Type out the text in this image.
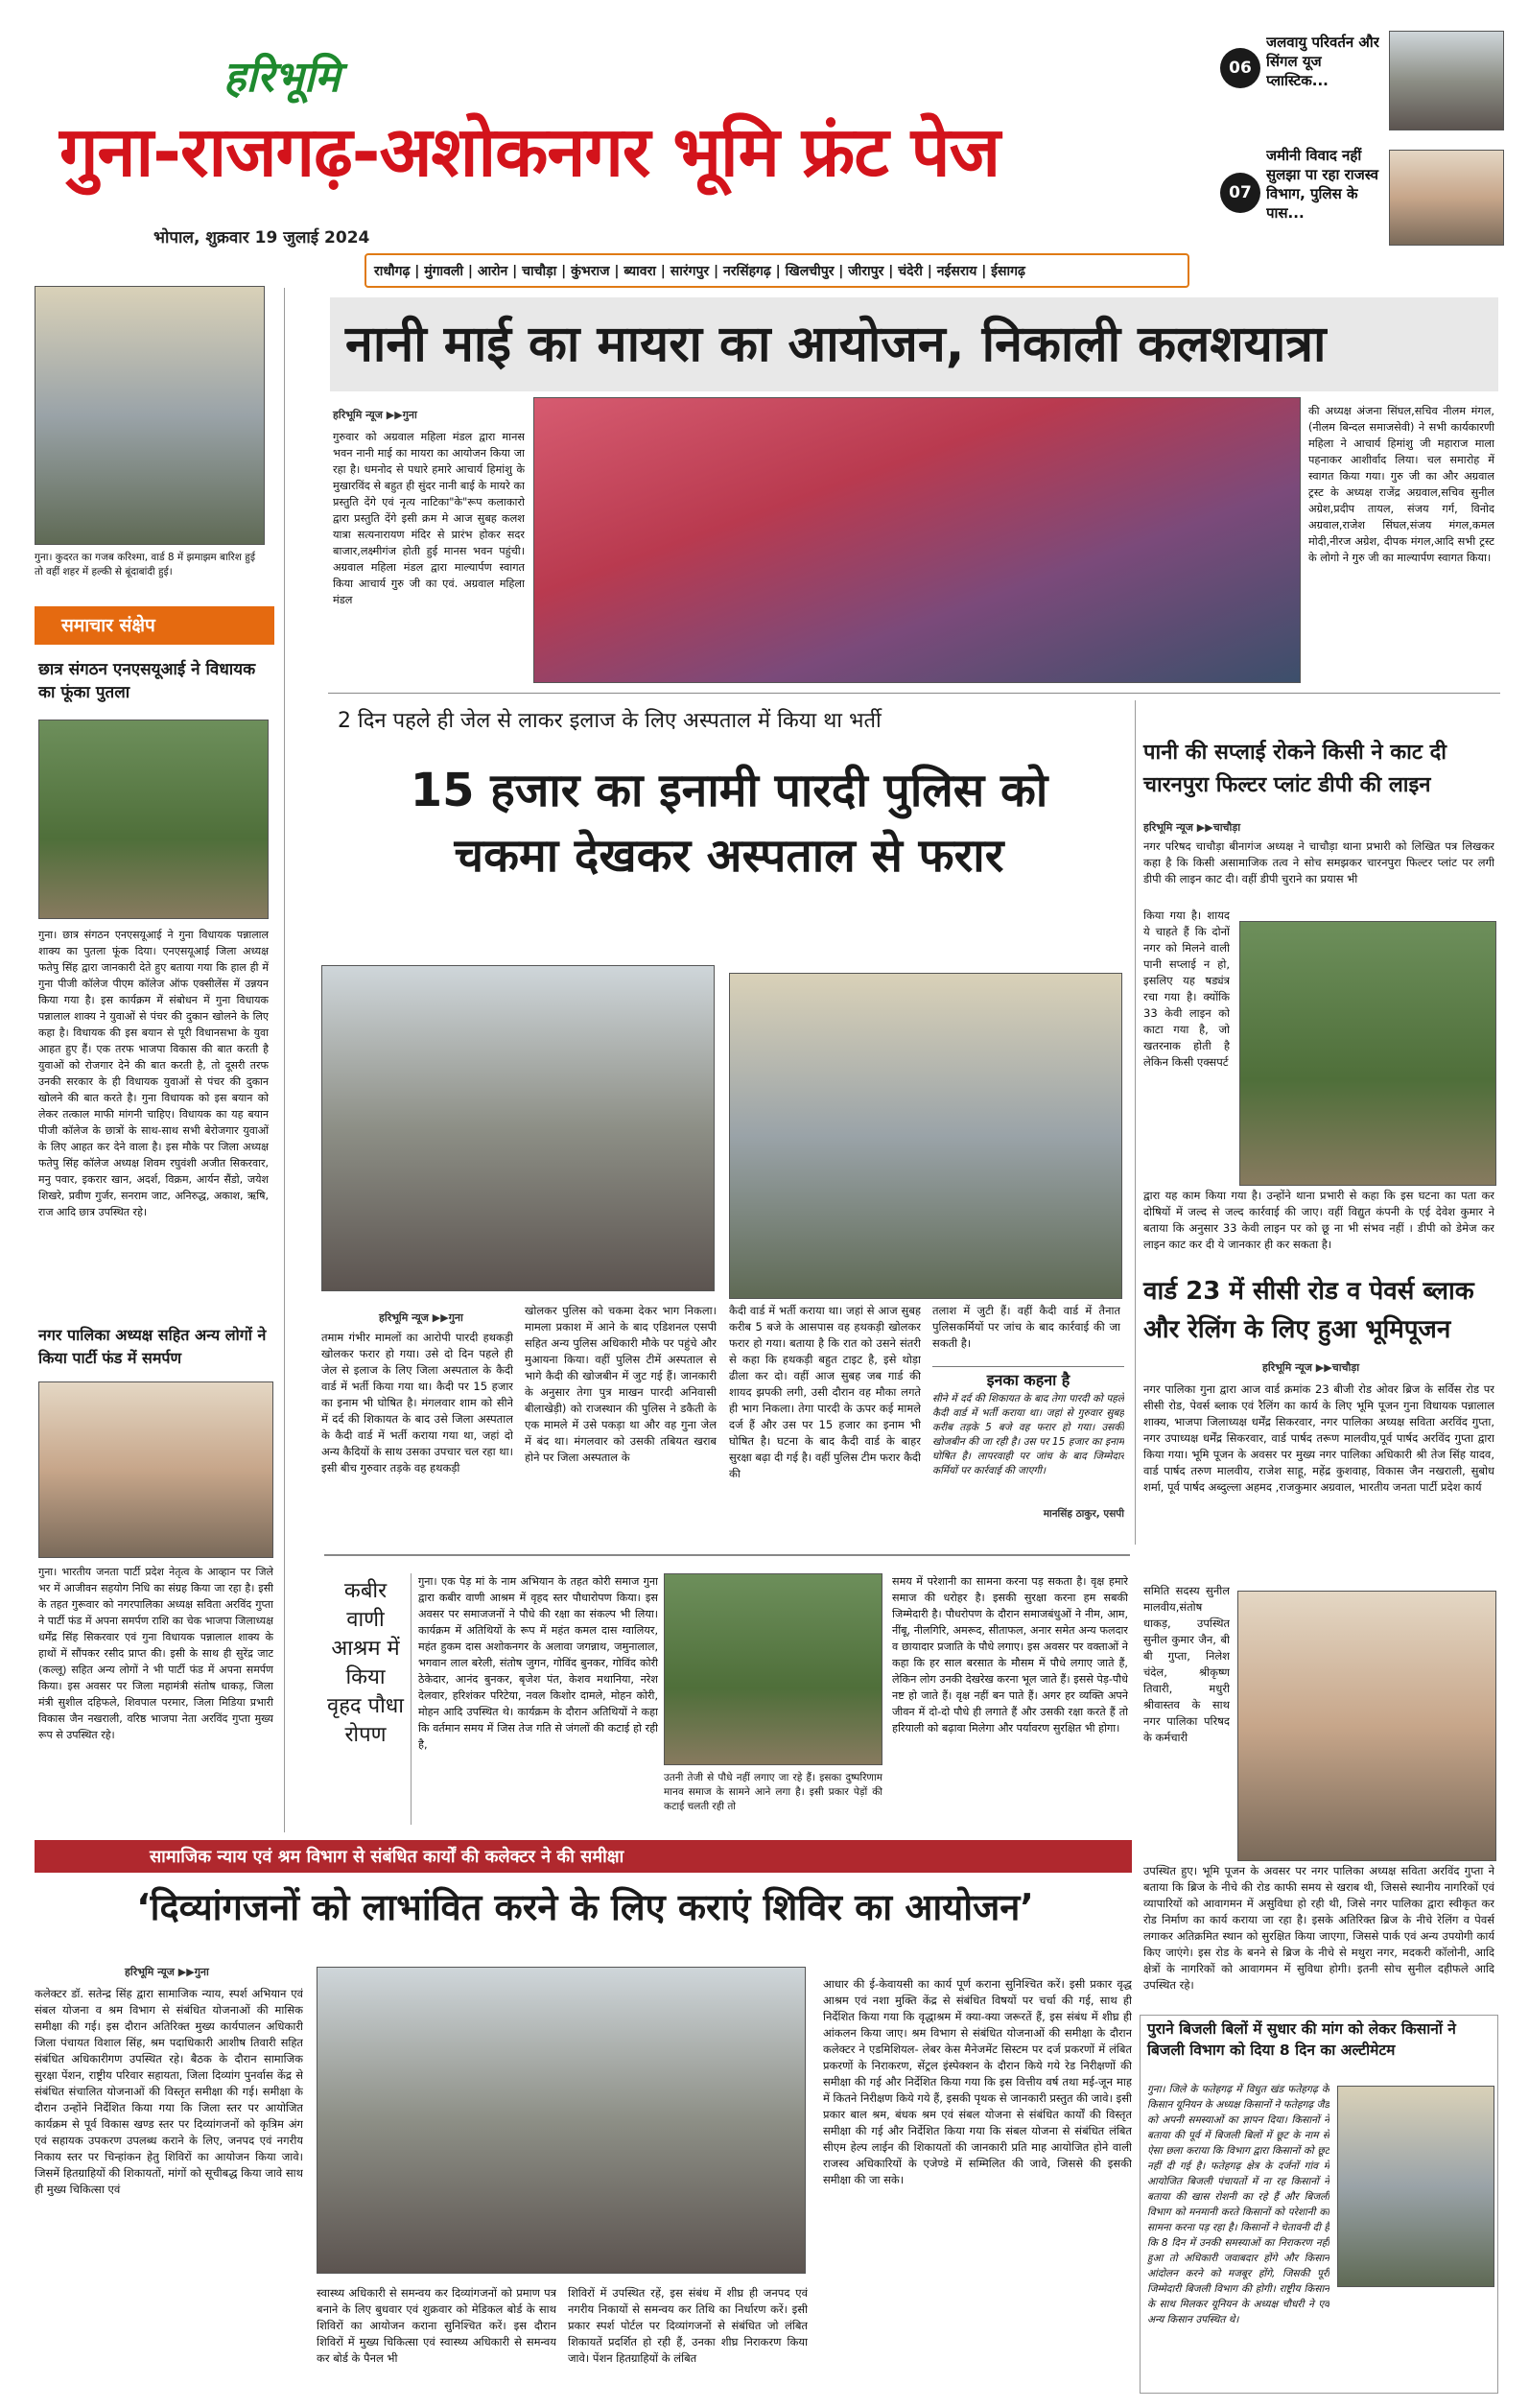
हरिभूमि
गुना-राजगढ़-अशोकनगर भूमि फ्रंट पेज
भोपाल, शुक्रवार 19 जुलाई 2024
राधौगढ़ | मुंगावली | आरोन | चाचौड़ा | कुंभराज | ब्यावरा | सारंगपुर | नरसिंहगढ़ | खिलचीपुर | जीरापुर | चंदेरी | नईसराय | ईसागढ़
06
जलवायु परिवर्तन और सिंगल यूज प्लास्टिक...
07
जमीनी विवाद नहीं सुलझा पा रहा राजस्व विभाग, पुलिस के पास...
गुना। कुदरत का गजब करिश्मा, वार्ड 8 में झमाझम बारिश हुई तो वहीं शहर में हल्की से बूंदाबांदी हुई।
समाचार संक्षेप
छात्र संगठन एनएसयूआई ने विधायक का फूंका पुतला
गुना। छात्र संगठन एनएसयूआई ने गुना विधायक पन्नालाल शाक्य का पुतला फूंक दिया। एनएसयूआई जिला अध्यक्ष फतेपु सिंह द्वारा जानकारी देते हुए बताया गया कि हाल ही में गुना पीजी कॉलेज पीएम कॉलेज ऑफ एक्सीलेंस में उन्नयन किया गया है। इस कार्यक्रम में संबोधन में गुना विधायक पन्नालाल शाक्य ने युवाओं से पंचर की दुकान खोलने के लिए कहा है। विधायक की इस बयान से पूरी विधानसभा के युवा आहत हुए हैं। एक तरफ भाजपा विकास की बात करती है युवाओं को रोजगार देने की बात करती है, तो दूसरी तरफ उनकी सरकार के ही विधायक युवाओं से पंचर की दुकान खोलने की बात करते है। गुना विधायक को इस बयान को लेकर तत्काल माफी मांगनी चाहिए। विधायक का यह बयान पीजी कॉलेज के छात्रों के साथ-साथ सभी बेरोजगार युवाओं के लिए आहत कर देने वाला है। इस मौके पर जिला अध्यक्ष फतेपु सिंह कॉलेज अध्यक्ष शिवम रघुवंशी अजीत सिकरवार, मनु पवार, इकरार खान, अदर्श, विक्रम, आर्यन सैंडो, जयेश शिखरे, प्रवीण गुर्जर, सनराम जाट, अनिरुद्ध, अकाश, ऋषि, राज आदि छात्र उपस्थित रहे।
नगर पालिका अध्यक्ष सहित अन्य लोगों ने किया पार्टी फंड में समर्पण
गुना। भारतीय जनता पार्टी प्रदेश नेतृत्व के आव्हान पर जिले भर में आजीवन सहयोग निधि का संग्रह किया जा रहा है। इसी के तहत गुरूवार को नगरपालिका अध्यक्ष सविता अरविंद गुप्ता ने पार्टी फंड में अपना समर्पण राशि का चेक भाजपा जिलाध्यक्ष धर्मेंद्र सिंह सिकरवार एवं गुना विधायक पन्नालाल शाक्य के हाथों में सौंपकर रसीद प्राप्त की। इसी के साथ ही सुरेंद्र जाट (कल्लू) सहित अन्य लोगों ने भी पार्टी फंड में अपना समर्पण किया। इस अवसर पर जिला महामंत्री संतोष धाकड़, जिला मंत्री सुशील दहिफले, शिवपाल परमार, जिला मिडिया प्रभारी विकास जैन नखराली, वरिष्ठ भाजपा नेता अरविंद गुप्ता मुख्य रूप से उपस्थित रहे।
नानी माई का मायरा का आयोजन, निकाली कलशयात्रा
हरिभूमि न्यूज ▶▶गुना
गुरुवार को अग्रवाल महिला मंडल द्वारा मानस भवन नानी माई का मायरा का आयोजन किया जा रहा है। धमनोद से पधारे हमारे आचार्य हिमांशु के मुखारविंद से बहुत ही सुंदर नानी बाई के मायरे का प्रस्तुति देंगे एवं नृत्य नाटिका"के"रूप कलाकारो द्वारा प्रस्तुति देंगे इसी क्रम मे आज सुबह कलश यात्रा सत्यनारायण मंदिर से प्रारंभ होकर सदर बाजार,लक्ष्मीगंज होती हुई मानस भवन पहुंची। अग्रवाल महिला मंडल द्वारा माल्यार्पण स्वागत किया आचार्य गुरु जी का एवं. अग्रवाल महिला मंडल
की अध्यक्ष अंजना सिंघल,सचिव नीलम मंगल, (नीलम बिन्दल समाजसेवी) ने सभी कार्यकारणी महिला ने आचार्य हिमांशु जी महाराज माला पहनाकर आशीर्वाद लिया। चल समारोह में स्वागत किया गया। गुरु जी का और अग्रवाल ट्रस्ट के अध्यक्ष राजेंद्र अग्रवाल,सचिव सुनील अग्रेश,प्रदीप तायल, संजय गर्ग, विनोद अग्रवाल,राजेश सिंघल,संजय मंगल,कमल मोदी,नीरज अग्रेश, दीपक मंगल,आदि सभी ट्रस्ट के लोगो ने गुरु जी का माल्यार्पण स्वागत किया।
2 दिन पहले ही जेल से लाकर इलाज के लिए अस्पताल में किया था भर्ती
15 हजार का इनामी पारदी पुलिस को
चकमा देखकर अस्पताल से फरार
हरिभूमि न्यूज ▶▶गुना
तमाम गंभीर मामलों का आरोपी पारदी हथकड़ी खोलकर फरार हो गया। उसे दो दिन पहले ही जेल से इलाज के लिए जिला अस्पताल के कैदी वार्ड में भर्ती किया गया था। कैदी पर 15 हजार का इनाम भी घोषित है। मंगलवार शाम को सीने में दर्द की शिकायत के बाद उसे जिला अस्पताल के कैदी वार्ड में भर्ती कराया गया था, जहां दो अन्य कैदियों के साथ उसका उपचार चल रहा था। इसी बीच गुरुवार तड़के वह हथकड़ी
खोलकर पुलिस को चकमा देकर भाग निकला। मामला प्रकाश में आने के बाद एडिशनल एसपी सहित अन्य पुलिस अधिकारी मौके पर पहुंचे और मुआयना किया। वहीं पुलिस टीमें अस्पताल से भागे कैदी की खोजबीन में जुट गई हैं। जानकारी के अनुसार तेगा पुत्र माखन पारदी अनिवासी बीलाखेड़ी) को राजस्थान की पुलिस ने डकैती के एक मामले में उसे पकड़ा था और वह गुना जेल में बंद था। मंगलवार को उसकी तबियत खराब होने पर जिला अस्पताल के
कैदी वार्ड में भर्ती कराया था। जहां से आज सुबह करीब 5 बजे के आसपास वह हथकड़ी खोलकर फरार हो गया। बताया है कि रात को उसने संतरी से कहा कि हथकड़ी बहुत टाइट है, इसे थोड़ा ढीला कर दो। वहीं आज सुबह जब गार्ड की शायद झपकी लगी, उसी दौरान वह मौका लगते ही भाग निकला। तेगा पारदी के ऊपर कई मामले दर्ज हैं और उस पर 15 हजार का इनाम भी घोषित है। घटना के बाद कैदी वार्ड के बाहर सुरक्षा बढ़ा दी गई है। वहीं पुलिस टीम फरार कैदी की
तलाश में जुटी हैं। वहीं कैदी वार्ड में तैनात पुलिसकर्मियों पर जांच के बाद कार्रवाई की जा सकती है।
इनका कहना है
सीने में दर्द की शिकायत के बाद तेगा पारदी को पहले कैदी वार्ड में भर्ती कराया था। जहां से गुरुवार सुबह करीब तड़के 5 बजे वह फरार हो गया। उसकी खोजबीन की जा रही है। उस पर 15 हजार का इनाम घोषित है। लापरवाही पर जांच के बाद जिम्मेदार कर्मियों पर कार्रवाई की जाएगी।
मानसिंह ठाकुर, एसपी
पानी की सप्लाई रोकने किसी ने काट दी चारनपुरा फिल्टर प्लांट डीपी की लाइन
हरिभूमि न्यूज ▶▶चाचौड़ा
नगर परिषद चाचौड़ा बीनागंज अध्यक्ष ने चाचौड़ा थाना प्रभारी को लिखित पत्र लिखकर कहा है कि किसी असामाजिक तत्व ने सोच समझकर चारनपुरा फिल्टर प्लांट पर लगी डीपी की लाइन काट दी। वहीं डीपी चुराने का प्रयास भी
किया गया है। शायद ये चाहते हैं कि दोनों नगर को मिलने वाली पानी सप्लाई न हो, इसलिए यह षड्यंत्र रचा गया है। क्योंकि 33 केवी लाइन को काटा गया है, जो खतरनाक होती है लेकिन किसी एक्सपर्ट
द्वारा यह काम किया गया है। उन्होंने थाना प्रभारी से कहा कि इस घटना का पता कर दोषियों में जल्द से जल्द कार्रवाई की जाए। वहीं विद्युत कंपनी के एई देवेश कुमार ने बताया कि अनुसार 33 केवी लाइन पर को छू ना भी संभव नहीं । डीपी को डेमेज कर लाइन काट कर दी ये जानकार ही कर सकता है।
वार्ड 23 में सीसी रोड व पेवर्स ब्लाक और रेलिंग के लिए हुआ भूमिपूजन
हरिभूमि न्यूज ▶▶चाचौड़ा
नगर पालिका गुना द्वारा आज वार्ड क्रमांक 23 बीजी रोड ओवर ब्रिज के सर्विस रोड पर सीसी रोड, पेवर्स ब्लाक एवं रैलिंग का कार्य के लिए भूमि पूजन गुना विधायक पन्नालाल शाक्य, भाजपा जिलाध्यक्ष धर्मेंद्र सिकरवार, नगर पालिका अध्यक्ष सविता अरविंद गुप्ता, नगर उपाध्यक्ष धर्मेंद्र सिकरवार, वार्ड पार्षद तरूण मालवीय,पूर्व पार्षद अरविंद गुप्ता द्वारा किया गया। भूमि पूजन के अवसर पर मुख्य नगर पालिका अधिकारी श्री तेज सिंह यादव, वार्ड पार्षद तरुण मालवीय, राजेश साहू, महेंद्र कुशवाह, विकास जैन नखराली, सुबोध शर्मा, पूर्व पार्षद अब्दुल्ला अहमद ,राजकुमार अग्रवाल, भारतीय जनता पार्टी प्रदेश कार्य
समिति सदस्य सुनील मालवीय,संतोष धाकड़, उपस्थित सुनील कुमार जैन, बी बी गुप्ता, निलेश चंदेल, श्रीकृष्ण तिवारी, मधुरी श्रीवास्तव के साथ नगर पालिका परिषद के कर्मचारी
उपस्थित हुए। भूमि पूजन के अवसर पर नगर पालिका अध्यक्ष सविता अरविंद गुप्ता ने बताया कि ब्रिज के नीचे की रोड काफी समय से खराब थी, जिससे स्थानीय नागरिकों एवं व्यापारियों को आवागमन में असुविधा हो रही थी, जिसे नगर पालिका द्वारा स्वीकृत कर रोड निर्माण का कार्य कराया जा रहा है। इसके अतिरिक्त ब्रिज के नीचे रेलिंग व पेवर्स लगाकर अतिक्रमित स्थान को सुरक्षित किया जाएगा, जिससे पार्क एवं अन्य उपयोगी कार्य किए जाएंगे। इस रोड के बनने से ब्रिज के नीचे से मथुरा नगर, मदकरी कॉलोनी, आदि क्षेत्रों के नागरिकों को आवागमन में सुविधा होगी। इतनी सोच सुनील दहीफले आदि उपस्थित रहे।
कबीर वाणी आश्रम में किया वृहद पौधा रोपण
गुना। एक पेड़ मां के नाम अभियान के तहत कोरी समाज गुना द्वारा कबीर वाणी आश्रम में वृहद स्तर पौधारोपण किया। इस अवसर पर समाजजनों ने पौधे की रक्षा का संकल्प भी लिया। कार्यक्रम में अतिथियों के रूप में महंत कमल दास ग्वालियर, महंत हुकम दास अशोकनगर के अलावा जगन्नाथ, जमुनालाल, भगवान लाल बरेली, संतोष जुगन, गोविंद बुनकर, गोविंद कोरी ठेकेदार, आनंद बुनकर, बृजेश पंत, केशव मथानिया, नरेश देलवार, हरिशंकर परिटेया, नवल किशोर दामले, मोहन कोरी, मोहन आदि उपस्थित थे। कार्यक्रम के दौरान अतिथियों ने कहा कि वर्तमान समय में जिस तेज गति से जंगलों की कटाई हो रही है,
उतनी तेजी से पौधे नहीं लगाए जा रहे हैं। इसका दुष्परिणाम मानव समाज के सामने आने लगा है। इसी प्रकार पेड़ों की कटाई चलती रही तो
समय में परेशानी का सामना करना पड़ सकता है। वृक्ष हमारे समाज की धरोहर है। इसकी सुरक्षा करना हम सबकी जिम्मेदारी है। पौधरोपण के दौरान समाजबंधुओं ने नीम, आम, नींबू, नीलगिरि, अमरूद, सीताफल, अनार समेत अन्य फलदार व छायादार प्रजाति के पौधे लगाए। इस अवसर पर वक्ताओं ने कहा कि हर साल बरसात के मौसम में पौधे लगाए जाते हैं, लेकिन लोग उनकी देखरेख करना भूल जाते हैं। इससे पेड़-पौधे नष्ट हो जाते हैं। वृक्ष नहीं बन पाते हैं। अगर हर व्यक्ति अपने जीवन में दो-दो पौधे ही लगाते हैं और उसकी रक्षा करते हैं तो हरियाली को बढ़ावा मिलेगा और पर्यावरण सुरक्षित भी होगा।
सामाजिक न्याय एवं श्रम विभाग से संबंधित कार्यों की कलेक्टर ने की समीक्षा
‘दिव्यांगजनों को लाभांवित करने के लिए कराएं शिविर का आयोजन’
हरिभूमि न्यूज ▶▶गुना
कलेक्टर डॉ. सतेन्द्र सिंह द्वारा सामाजिक न्याय, स्पर्श अभियान एवं संबल योजना व श्रम विभाग से संबंधित योजनाओं की मासिक समीक्षा की गई। इस दौरान अतिरिक्त मुख्य कार्यपालन अधिकारी जिला पंचायत विशाल सिंह, श्रम पदाधिकारी आशीष तिवारी सहित संबंधित अधिकारीगण उपस्थित रहे। बैठक के दौरान सामाजिक सुरक्षा पेंशन, राष्ट्रीय परिवार सहायता, जिला दिव्यांग पुनर्वास केंद्र से संबंधित संचालित योजनाओं की विस्तृत समीक्षा की गई। समीक्षा के दौरान उन्होंने निर्देशित किया गया कि जिला स्तर पर आयोजित कार्यक्रम से पूर्व विकास खण्ड स्तर पर दिव्यांगजनों को कृत्रिम अंग एवं सहायक उपकरण उपलब्ध कराने के लिए, जनपद एवं नगरीय निकाय स्तर पर चिन्हांकन हेतु शिविरों का आयोजन किया जावे। जिसमें हितग्राहियों की शिकायतों, मांगों को सूचीबद्ध किया जावे साथ ही मुख्य चिकित्सा एवं
स्वास्थ्य अधिकारी से समन्वय कर दिव्यांगजनों को प्रमाण पत्र बनाने के लिए बुधवार एवं शुक्रवार को मेडिकल बोर्ड के साथ शिविरों का आयोजन कराना सुनिश्चित करें। इस दौरान शिविरों में मुख्य चिकित्सा एवं स्वास्थ्य अधिकारी से समन्वय कर बोर्ड के पैनल भी
शिविरों में उपस्थित रहें, इस संबंध में शीघ्र ही जनपद एवं नगरीय निकायों से समन्वय कर तिथि का निर्धारण करें। इसी प्रकार स्पर्श पोर्टल पर दिव्यांगजनों से संबंधित जो लंबित शिकायतें प्रदर्शित हो रही हैं, उनका शीघ्र निराकरण किया जावे। पेंशन हितग्राहियों के लंबित
आधार की ई-केवायसी का कार्य पूर्ण कराना सुनिश्चित करें। इसी प्रकार वृद्ध आश्रम एवं नशा मुक्ति केंद्र से संबंधित विषयों पर चर्चा की गई, साथ ही निर्देशित किया गया कि वृद्धाश्रम में क्या-क्या जरूरतें हैं, इस संबंध में शीघ्र ही आंकलन किया जाए। श्रम विभाग से संबंधित योजनाओं की समीक्षा के दौरान कलेक्टर ने एडमिशियल- लेबर केस मैनेजमेंट सिस्टम पर दर्ज प्रकरणों में लंबित प्रकरणों के निराकरण, सेंट्रल इंस्पेक्शन के दौरान किये गये रेड निरीक्षणों की समीक्षा की गई और निर्देशित किया गया कि इस वित्तीय वर्ष तथा मई-जून माह में कितने निरीक्षण किये गये हैं, इसकी पृथक से जानकारी प्रस्तुत की जावे। इसी प्रकार बाल श्रम, बंधक श्रम एवं संबल योजना से संबंधित कार्यों की विस्तृत समीक्षा की गई और निर्देशित किया गया कि संबल योजना से संबंधित लंबित सीएम हेल्प लाईन की शिकायतों की जानकारी प्रति माह आयोजित होने वाली राजस्व अधिकारियों के एजेण्डे में सम्मिलित की जावे, जिससे की इसकी समीक्षा की जा सके।
पुराने बिजली बिलों में सुधार की मांग को लेकर किसानों ने बिजली विभाग को दिया 8 दिन का अल्टीमेटम
गुना। जिले के फतेहगढ़ में विधुत खंड फतेहगढ़ के किसान यूनियन के अध्यक्ष किसानों ने फतेहगढ़ जैड को अपनी समस्याओं का ज्ञापन दिया। किसानों ने बताया की पूर्व में बिजली बिलों में छूट के नाम से ऐसा छला कराया कि विभाग द्वारा किसानों को छूट नहीं दी गई है। फतेहगढ़ क्षेत्र के दर्जनों गांव में आयोजित बिजली पंचायतों में ना रह किसानों ने बताया की खास रोशनी का रहे हैं और बिजली विभाग को मनमानी करते किसानों को परेशानी का सामना करना पड़ रहा है। किसानों ने चेतावनी दी है कि 8 दिन में उनकी समस्याओं का निराकरण नहीं हुआ तो अधिकारी जवाबदार होंगे और किसान आंदोलन करने को मजबूर होंगे, जिसकी पूरी जिम्मेदारी बिजली विभाग की होगी। राष्ट्रीय किसान के साथ मिलकर यूनियन के अध्यक्ष चौधरी ने एवं अन्य किसान उपस्थित थे।
